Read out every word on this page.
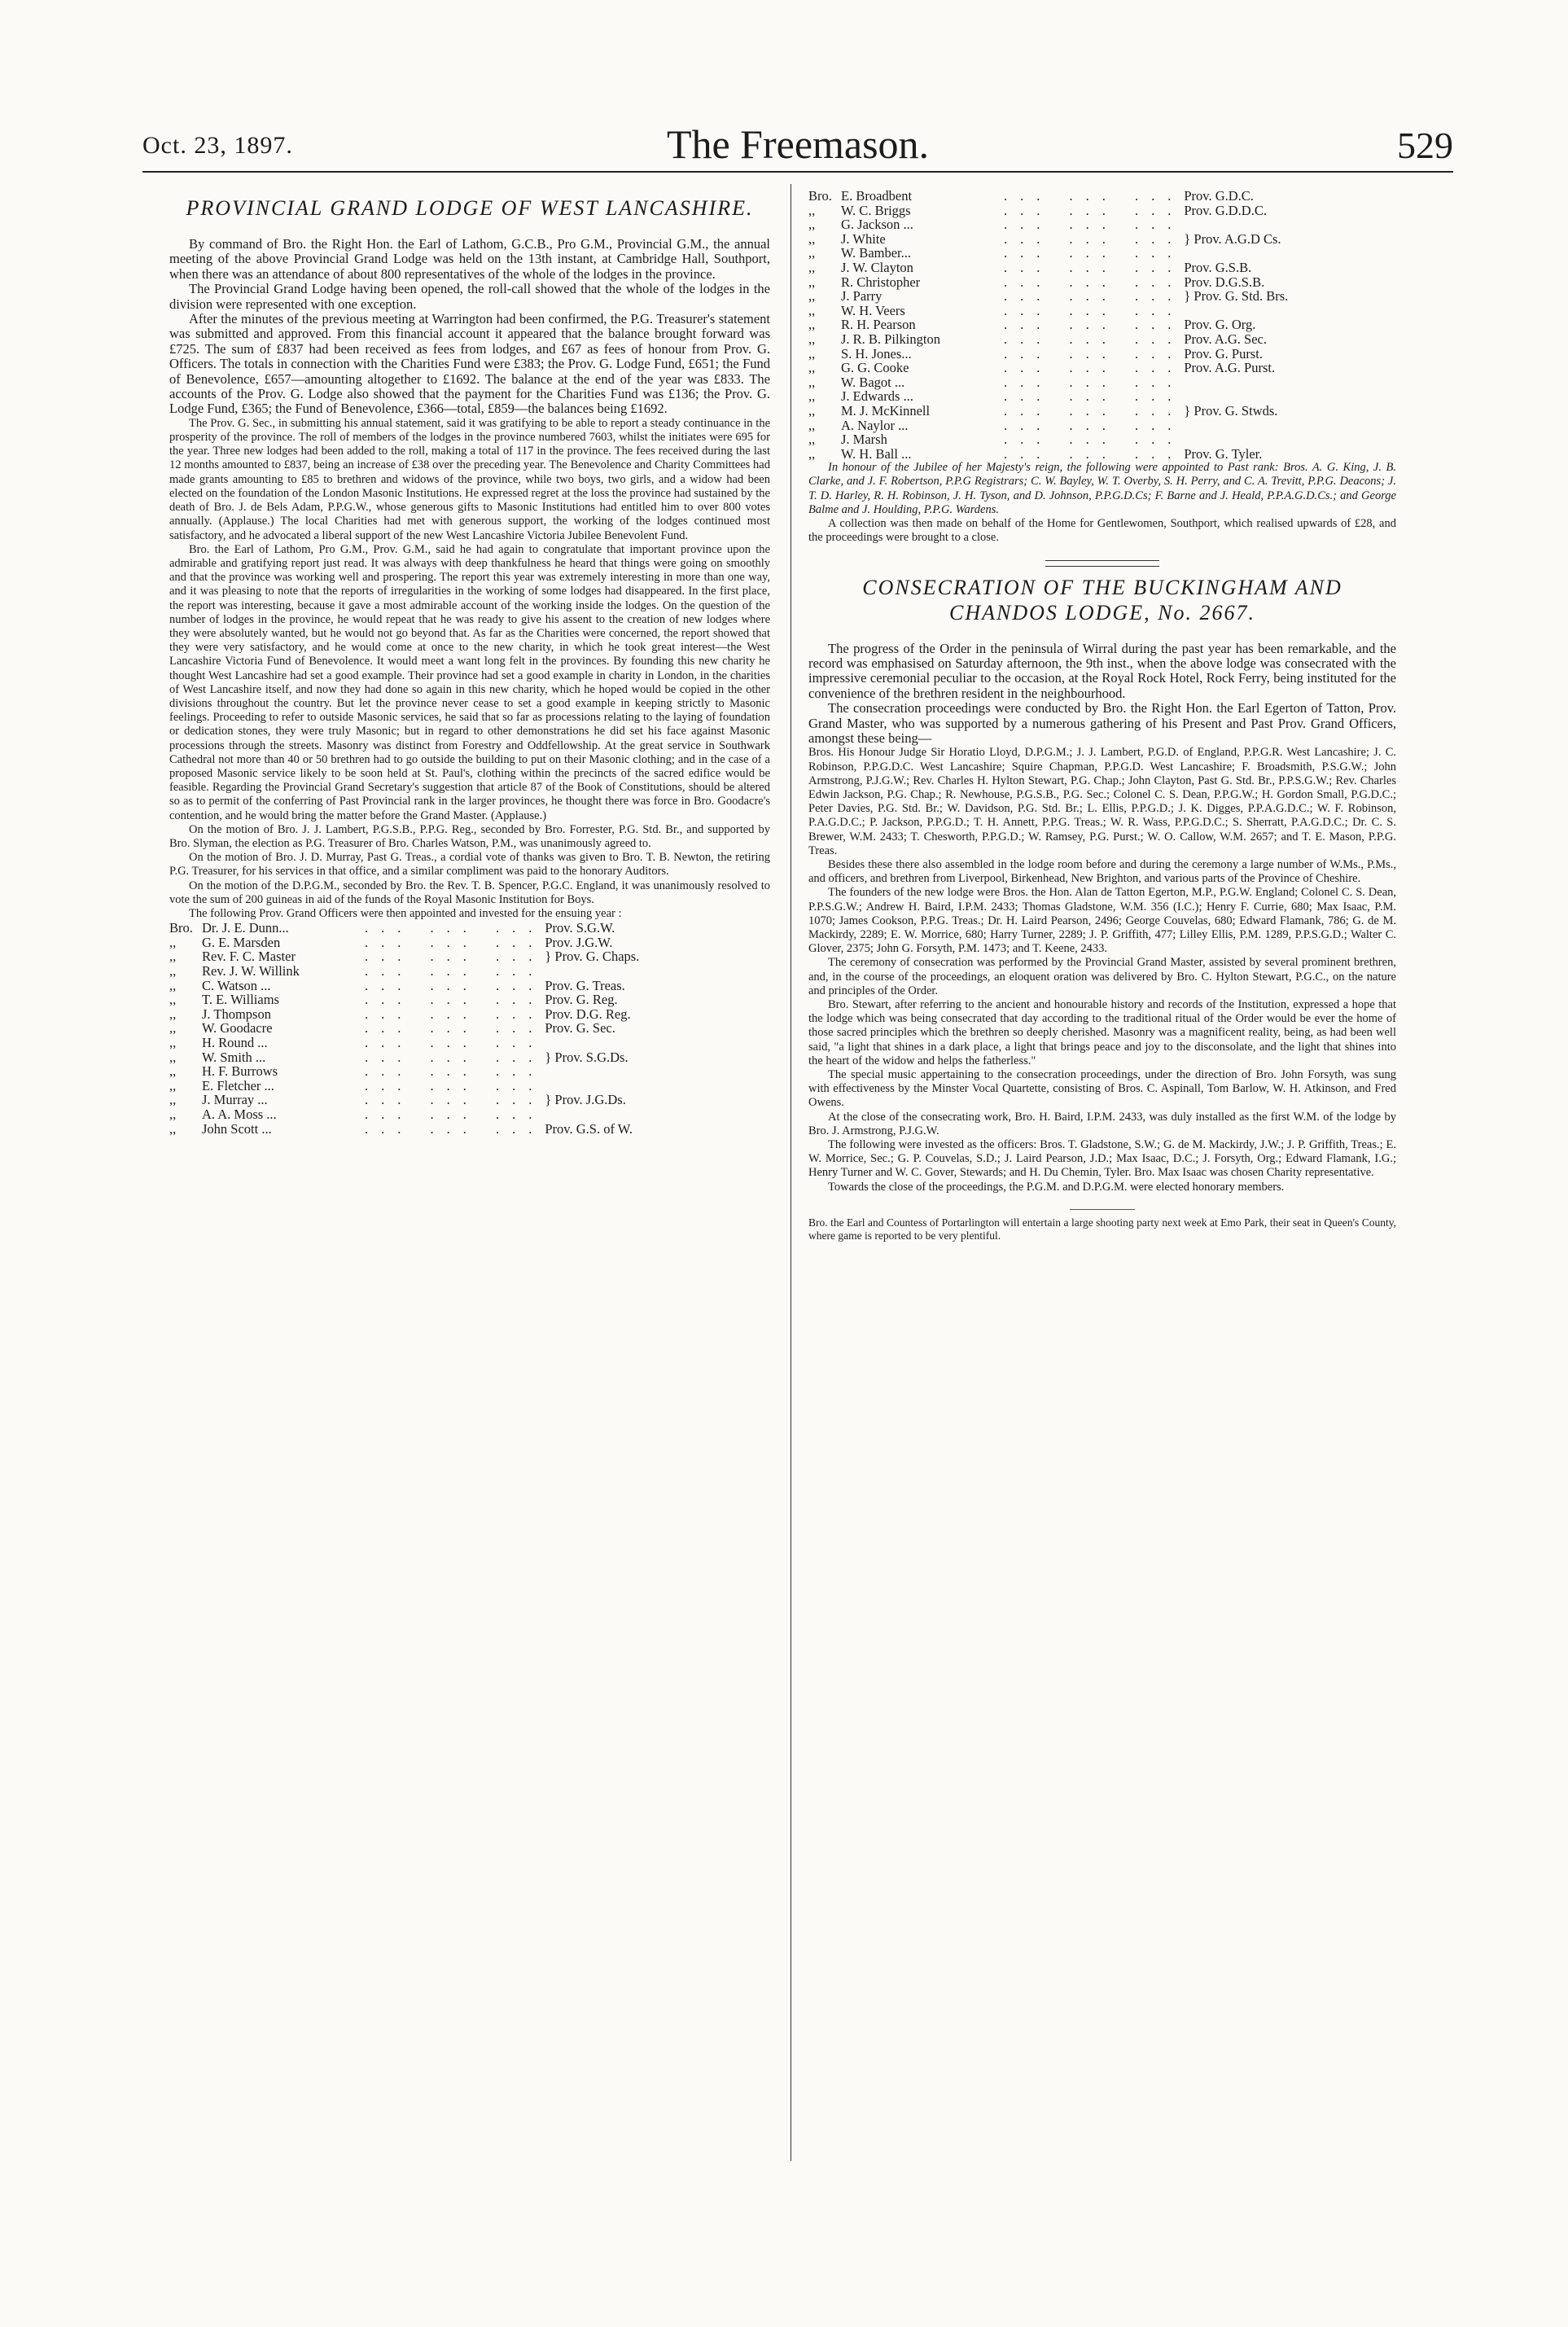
Oct. 23, 1897.	The Freemason.	529
PROVINCIAL GRAND LODGE OF WEST LANCASHIRE.

By command of Bro. the Right Hon. the Earl of Lathom, G.C.B., Pro G.M., Provincial G.M., the annual meeting of the above Provincial Grand Lodge was held on the 13th instant, at Cambridge Hall, Southport, when there was an attendance of about 800 representatives of the whole of the lodges in the province.

The Provincial Grand Lodge having been opened, the roll-call showed that the whole of the lodges in the division were represented with one exception.

After the minutes of the previous meeting at Warrington had been confirmed, the P.G. Treasurer's statement was submitted and approved. From this financial account it appeared that the balance brought forward was £725. The sum of £837 had been received as fees from lodges, and £67 as fees of honour from Prov. G. Officers. The totals in connection with the Charities Fund were £383; the Prov. G. Lodge Fund, £651; the Fund of Benevolence, £657—amounting altogether to £1692. The balance at the end of the year was £833. The accounts of the Prov. G. Lodge also showed that the payment for the Charities Fund was £136; the Prov. G. Lodge Fund, £365; the Fund of Benevolence, £366—total, £859—the balances being £1692.

The Prov. G. Sec., in submitting his annual statement, said it was gratifying to be able to report a steady continuance in the prosperity of the province. The roll of members of the lodges in the province numbered 7603, whilst the initiates were 695 for the year. Three new lodges had been added to the roll, making a total of 117 in the province. The fees received during the last 12 months amounted to £837, being an increase of £38 over the preceding year. The Benevolence and Charity Committees had made grants amounting to £85 to brethren and widows of the province, while two boys, two girls, and a widow had been elected on the foundation of the London Masonic Institutions. He expressed regret at the loss the province had sustained by the death of Bro. J. de Bels Adam, P.P.G.W., whose generous gifts to Masonic Institutions had entitled him to over 800 votes annually. (Applause.) The local Charities had met with generous support, the working of the lodges continued most satisfactory, and he advocated a liberal support of the new West Lancashire Victoria Jubilee Benevolent Fund.

Bro. the Earl of Lathom, Pro G.M., Prov. G.M., said he had again to congratulate that important province upon the admirable and gratifying report just read. It was always with deep thankfulness he heard that things were going on smoothly and that the province was working well and prospering. The report this year was extremely interesting in more than one way, and it was pleasing to note that the reports of irregularities in the working of some lodges had disappeared. In the first place, the report was interesting, because it gave a most admirable account of the working inside the lodges. On the question of the number of lodges in the province, he would repeat that he was ready to give his assent to the creation of new lodges where they were absolutely wanted, but he would not go beyond that. As far as the Charities were concerned, the report showed that they were very satisfactory, and he would come at once to the new charity, in which he took great interest—the West Lancashire Victoria Fund of Benevolence. It would meet a want long felt in the provinces. By founding this new charity he thought West Lancashire had set a good example. Their province had set a good example in charity in London, in the charities of West Lancashire itself, and now they had done so again in this new charity, which he hoped would be copied in the other divisions throughout the country. But let the province never cease to set a good example in keeping strictly to Masonic feelings. Proceeding to refer to outside Masonic services, he said that so far as processions relating to the laying of foundation or dedication stones, they were truly Masonic; but in regard to other demonstrations he did set his face against Masonic processions through the streets. Masonry was distinct from Forestry and Oddfellowship. At the great service in Southwark Cathedral not more than 40 or 50 brethren had to go outside the building to put on their Masonic clothing; and in the case of a proposed Masonic service likely to be soon held at St. Paul's, clothing within the precincts of the sacred edifice would be feasible. Regarding the Provincial Grand Secretary's suggestion that article 87 of the Book of Constitutions, should be altered so as to permit of the conferring of Past Provincial rank in the larger provinces, he thought there was force in Bro. Goodacre's contention, and he would bring the matter before the Grand Master. (Applause.)

On the motion of Bro. J. J. Lambert, P.G.S.B., P.P.G. Reg., seconded by Bro. Forrester, P.G. Std. Br., and supported by Bro. Slyman, the election as P.G. Treasurer of Bro. Charles Watson, P.M., was unanimously agreed to.

On the motion of Bro. J. D. Murray, Past G. Treas., a cordial vote of thanks was given to Bro. T. B. Newton, the retiring P.G. Treasurer, for his services in that office, and a similar compliment was paid to the honorary Auditors.

On the motion of the D.P.G.M., seconded by Bro. the Rev. T. B. Spencer, P.G.C. England, it was unanimously resolved to vote the sum of 200 guineas in aid of the funds of the Royal Masonic Institution for Boys.

The following Prov. Grand Officers were then appointed and invested for the ensuing year :

Bro.	Dr. J. E. Dunn...	... ... ...	Prov. S.G.W.
,,	G. E. Marsden	... ... ...	Prov. J.G.W.
,,	Rev. F. C. Master	... ... ...	} Prov. G. Chaps.
,,	Rev. J. W. Willink	... ... ...	
,,	C. Watson ...	... ... ...	Prov. G. Treas.
,,	T. E. Williams	... ... ...	Prov. G. Reg.
,,	J. Thompson	... ... ...	Prov. D.G. Reg.
,,	W. Goodacre	... ... ...	Prov. G. Sec.
,,	H. Round ...	... ... ...	
,,	W. Smith ...	... ... ...	} Prov. S.G.Ds.
,,	H. F. Burrows	... ... ...	
,,	E. Fletcher ...	... ... ...	
,,	J. Murray ...	... ... ...	} Prov. J.G.Ds.
,,	A. A. Moss ...	... ... ...	
,,	John Scott ...	... ... ...	Prov. G.S. of W.
Bro.	E. Broadbent	... ... ...	Prov. G.D.C.
,,	W. C. Briggs	... ... ...	Prov. G.D.D.C.
,,	G. Jackson ...	... ... ...	
,,	J. White	... ... ...	} Prov. A.G.D Cs.
,,	W. Bamber...	... ... ...	
,,	J. W. Clayton	... ... ...	Prov. G.S.B.
,,	R. Christopher	... ... ...	Prov. D.G.S.B.
,,	J. Parry	... ... ...	} Prov. G. Std. Brs.
,,	W. H. Veers	... ... ...	
,,	R. H. Pearson	... ... ...	Prov. G. Org.
,,	J. R. B. Pilkington	... ... ...	Prov. A.G. Sec.
,,	S. H. Jones...	... ... ...	Prov. G. Purst.
,,	G. G. Cooke	... ... ...	Prov. A.G. Purst.
,,	W. Bagot ...	... ... ...	
,,	J. Edwards ...	... ... ...	
,,	M. J. McKinnell	... ... ...	} Prov. G. Stwds.
,,	A. Naylor ...	... ... ...	
,,	J. Marsh	... ... ...	
,,	W. H. Ball ...	... ... ...	Prov. G. Tyler.

In honour of the Jubilee of her Majesty's reign, the following were appointed to Past rank: Bros. A. G. King, J. B. Clarke, and J. F. Robertson, P.P.G Registrars; C. W. Bayley, W. T. Overby, S. H. Perry, and C. A. Trevitt, P.P.G. Deacons; J. T. D. Harley, R. H. Robinson, J. H. Tyson, and D. Johnson, P.P.G.D.Cs; F. Barne and J. Heald, P.P.A.G.D.Cs.; and George Balme and J. Houlding, P.P.G. Wardens.

A collection was then made on behalf of the Home for Gentlewomen, Southport, which realised upwards of £28, and the proceedings were brought to a close.

CONSECRATION OF THE BUCKINGHAM AND CHANDOS LODGE, No. 2667.

The progress of the Order in the peninsula of Wirral during the past year has been remarkable, and the record was emphasised on Saturday afternoon, the 9th inst., when the above lodge was consecrated with the impressive ceremonial peculiar to the occasion, at the Royal Rock Hotel, Rock Ferry, being instituted for the convenience of the brethren resident in the neighbourhood.

The consecration proceedings were conducted by Bro. the Right Hon. the Earl Egerton of Tatton, Prov. Grand Master, who was supported by a numerous gathering of his Present and Past Prov. Grand Officers, amongst these being—

Bros. His Honour Judge Sir Horatio Lloyd, D.P.G.M.; J. J. Lambert, P.G.D. of England, P.P.G.R. West Lancashire; J. C. Robinson, P.P.G.D.C. West Lancashire; Squire Chapman, P.P.G.D. West Lancashire; F. Broadsmith, P.S.G.W.; John Armstrong, P.J.G.W.; Rev. Charles H. Hylton Stewart, P.G. Chap.; John Clayton, Past G. Std. Br., P.P.S.G.W.; Rev. Charles Edwin Jackson, P.G. Chap.; R. Newhouse, P.G.S.B., P.G. Sec.; Colonel C. S. Dean, P.P.G.W.; H. Gordon Small, P.G.D.C.; Peter Davies, P.G. Std. Br.; W. Davidson, P.G. Std. Br.; L. Ellis, P.P.G.D.; J. K. Digges, P.P.A.G.D.C.; W. F. Robinson, P.A.G.D.C.; P. Jackson, P.P.G.D.; T. H. Annett, P.P.G. Treas.; W. R. Wass, P.P.G.D.C.; S. Sherratt, P.A.G.D.C.; Dr. C. S. Brewer, W.M. 2433; T. Chesworth, P.P.G.D.; W. Ramsey, P.G. Purst.; W. O. Callow, W.M. 2657; and T. E. Mason, P.P.G. Treas.

Besides these there also assembled in the lodge room before and during the ceremony a large number of W.Ms., P.Ms., and officers, and brethren from Liverpool, Birkenhead, New Brighton, and various parts of the Province of Cheshire.

The founders of the new lodge were Bros. the Hon. Alan de Tatton Egerton, M.P., P.G.W. England; Colonel C. S. Dean, P.P.S.G.W.; Andrew H. Baird, I.P.M. 2433; Thomas Gladstone, W.M. 356 (I.C.); Henry F. Currie, 680; Max Isaac, P.M. 1070; James Cookson, P.P.G. Treas.; Dr. H. Laird Pearson, 2496; George Couvelas, 680; Edward Flamank, 786; G. de M. Mackirdy, 2289; E. W. Morrice, 680; Harry Turner, 2289; J. P. Griffith, 477; Lilley Ellis, P.M. 1289, P.P.S.G.D.; Walter C. Glover, 2375; John G. Forsyth, P.M. 1473; and T. Keene, 2433.

The ceremony of consecration was performed by the Provincial Grand Master, assisted by several prominent brethren, and, in the course of the proceedings, an eloquent oration was delivered by Bro. C. Hylton Stewart, P.G.C., on the nature and principles of the Order.

Bro. Stewart, after referring to the ancient and honourable history and records of the Institution, expressed a hope that the lodge which was being consecrated that day according to the traditional ritual of the Order would be ever the home of those sacred principles which the brethren so deeply cherished. Masonry was a magnificent reality, being, as had been well said, "a light that shines in a dark place, a light that brings peace and joy to the disconsolate, and the light that shines into the heart of the widow and helps the fatherless."

The special music appertaining to the consecration proceedings, under the direction of Bro. John Forsyth, was sung with effectiveness by the Minster Vocal Quartette, consisting of Bros. C. Aspinall, Tom Barlow, W. H. Atkinson, and Fred Owens.

At the close of the consecrating work, Bro. H. Baird, I.P.M. 2433, was duly installed as the first W.M. of the lodge by Bro. J. Armstrong, P.J.G.W.

The following were invested as the officers: Bros. T. Gladstone, S.W.; G. de M. Mackirdy, J.W.; J. P. Griffith, Treas.; E. W. Morrice, Sec.; G. P. Couvelas, S.D.; J. Laird Pearson, J.D.; Max Isaac, D.C.; J. Forsyth, Org.; Edward Flamank, I.G.; Henry Turner and W. C. Gover, Stewards; and H. Du Chemin, Tyler. Bro. Max Isaac was chosen Charity representative.

Towards the close of the proceedings, the P.G.M. and D.P.G.M. were elected honorary members.

Bro. the Earl and Countess of Portarlington will entertain a large shooting party next week at Emo Park, their seat in Queen's County, where game is reported to be very plentiful.
